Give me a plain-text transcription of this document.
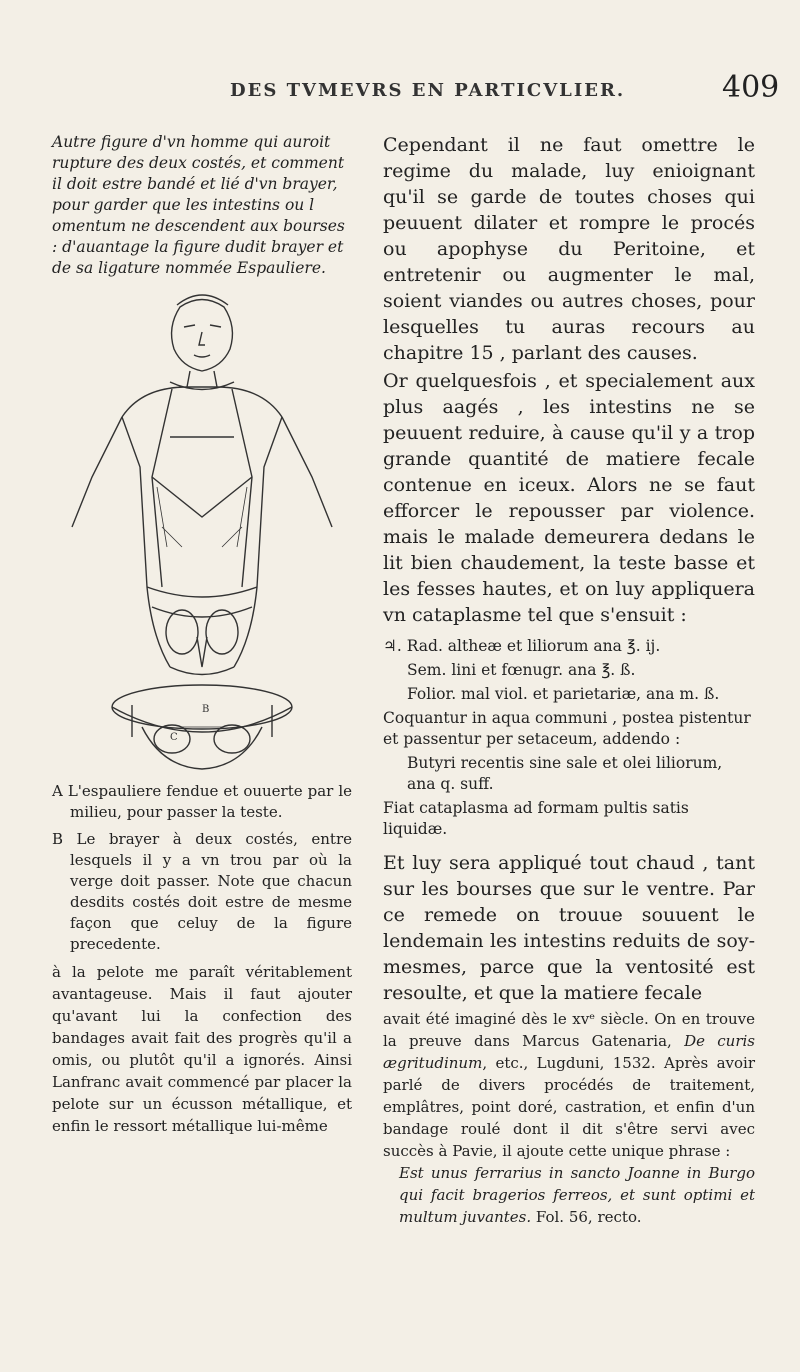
DES TVMEVRS EN PARTICVLIER.	409

Autre figure d'vn homme qui auroit rupture des deux costés, et comment il doit estre bandé et lié d'vn brayer, pour garder que les intestins ou l omentum ne descendent aux bourses : d'auantage la figure dudit brayer et de sa ligature nommée Espauliere.

C
B

A L'espauliere fendue et ouuerte par le milieu, pour passer la teste.

B Le brayer à deux costés, entre lesquels il y a vn trou par où la verge doit passer. Note que chacun desdits costés doit estre de mesme façon que celuy de la figure precedente.

à la pelote me paraît véritablement avantageuse. Mais il faut ajouter qu'avant lui la confection des bandages avait fait des progrès qu'il a omis, ou plutôt qu'il a ignorés. Ainsi Lanfranc avait commencé par placer la pelote sur un écusson métallique, et enfin le ressort métallique lui-même

Cependant il ne faut omettre le regime du malade, luy enioignant qu'il se garde de toutes choses qui peuuent dilater et rompre le procés ou apophyse du Peritoine, et entretenir ou augmenter le mal, soient viandes ou autres choses, pour lesquelles tu auras recours au chapitre 15 , parlant des causes.

Or quelquesfois , et specialement aux plus aagés , les intestins ne se peuuent reduire, à cause qu'il y a trop grande quantité de matiere fecale contenue en iceux. Alors ne se faut efforcer le repousser par violence. mais le malade demeurera dedans le lit bien chaudement, la teste basse et les fesses hautes, et on luy appliquera vn cataplasme tel que s'ensuit :

♃. Rad. altheæ et liliorum ana ℥. ij.

Sem. lini et fœnugr. ana ℥. ß.

Folior. mal viol. et parietariæ, ana m. ß.

Coquantur in aqua communi , postea pistentur et passentur per setaceum, addendo :

Butyri recentis sine sale et olei liliorum, ana q. suff.

Fiat cataplasma ad formam pultis satis liquidæ.

Et luy sera appliqué tout chaud , tant sur les bourses que sur le ventre. Par ce remede on trouue souuent le lendemain les intestins reduits de soy-mesmes, parce que la ventosité est resoulte, et que la matiere fecale

avait été imaginé dès le xvᵉ siècle. On en trouve la preuve dans Marcus Gatenaria, De curis ægritudinum, etc., Lugduni, 1532. Après avoir parlé de divers procédés de traitement, emplâtres, point doré, castration, et enfin d'un bandage roulé dont il dit s'être servi avec succès à Pavie, il ajoute cette unique phrase :

Est unus ferrarius in sancto Joanne in Burgo qui facit bragerios ferreos, et sunt optimi et multum juvantes. Fol. 56, recto.
